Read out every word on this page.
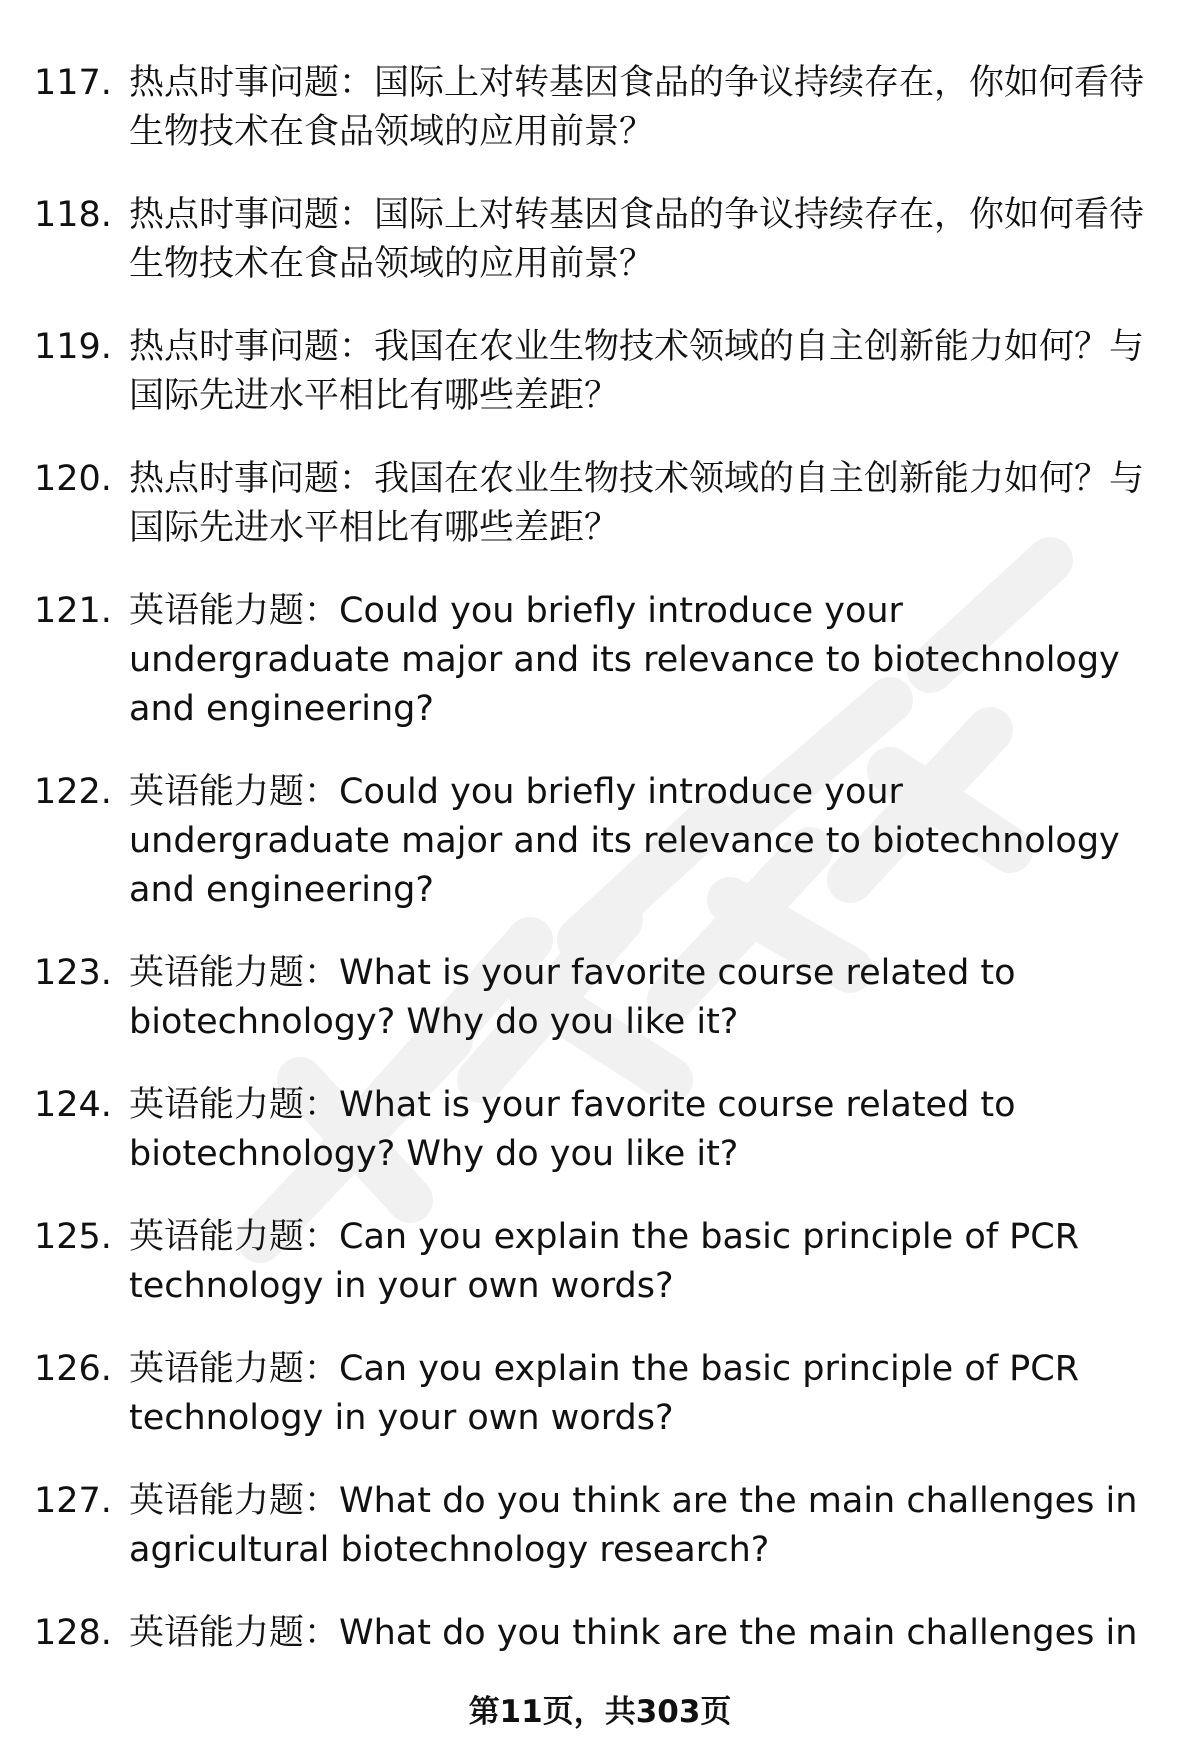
117. 热点时事问题：国际上对转基因食品的争议持续存在，你如何看待生物技术在食品领域的应用前景？
118. 热点时事问题：国际上对转基因食品的争议持续存在，你如何看待生物技术在食品领域的应用前景？
119. 热点时事问题：我国在农业生物技术领域的自主创新能力如何？与国际先进水平相比有哪些差距？
120. 热点时事问题：我国在农业生物技术领域的自主创新能力如何？与国际先进水平相比有哪些差距？
121. 英语能力题：Could you briefly introduce your undergraduate major and its relevance to biotechnology and engineering?
122. 英语能力题：Could you briefly introduce your undergraduate major and its relevance to biotechnology and engineering?
123. 英语能力题：What is your favorite course related to biotechnology? Why do you like it?
124. 英语能力题：What is your favorite course related to biotechnology? Why do you like it?
125. 英语能力题：Can you explain the basic principle of PCR technology in your own words?
126. 英语能力题：Can you explain the basic principle of PCR technology in your own words?
127. 英语能力题：What do you think are the main challenges in agricultural biotechnology research?
128. 英语能力题：What do you think are the main challenges in
第11页，共303页
